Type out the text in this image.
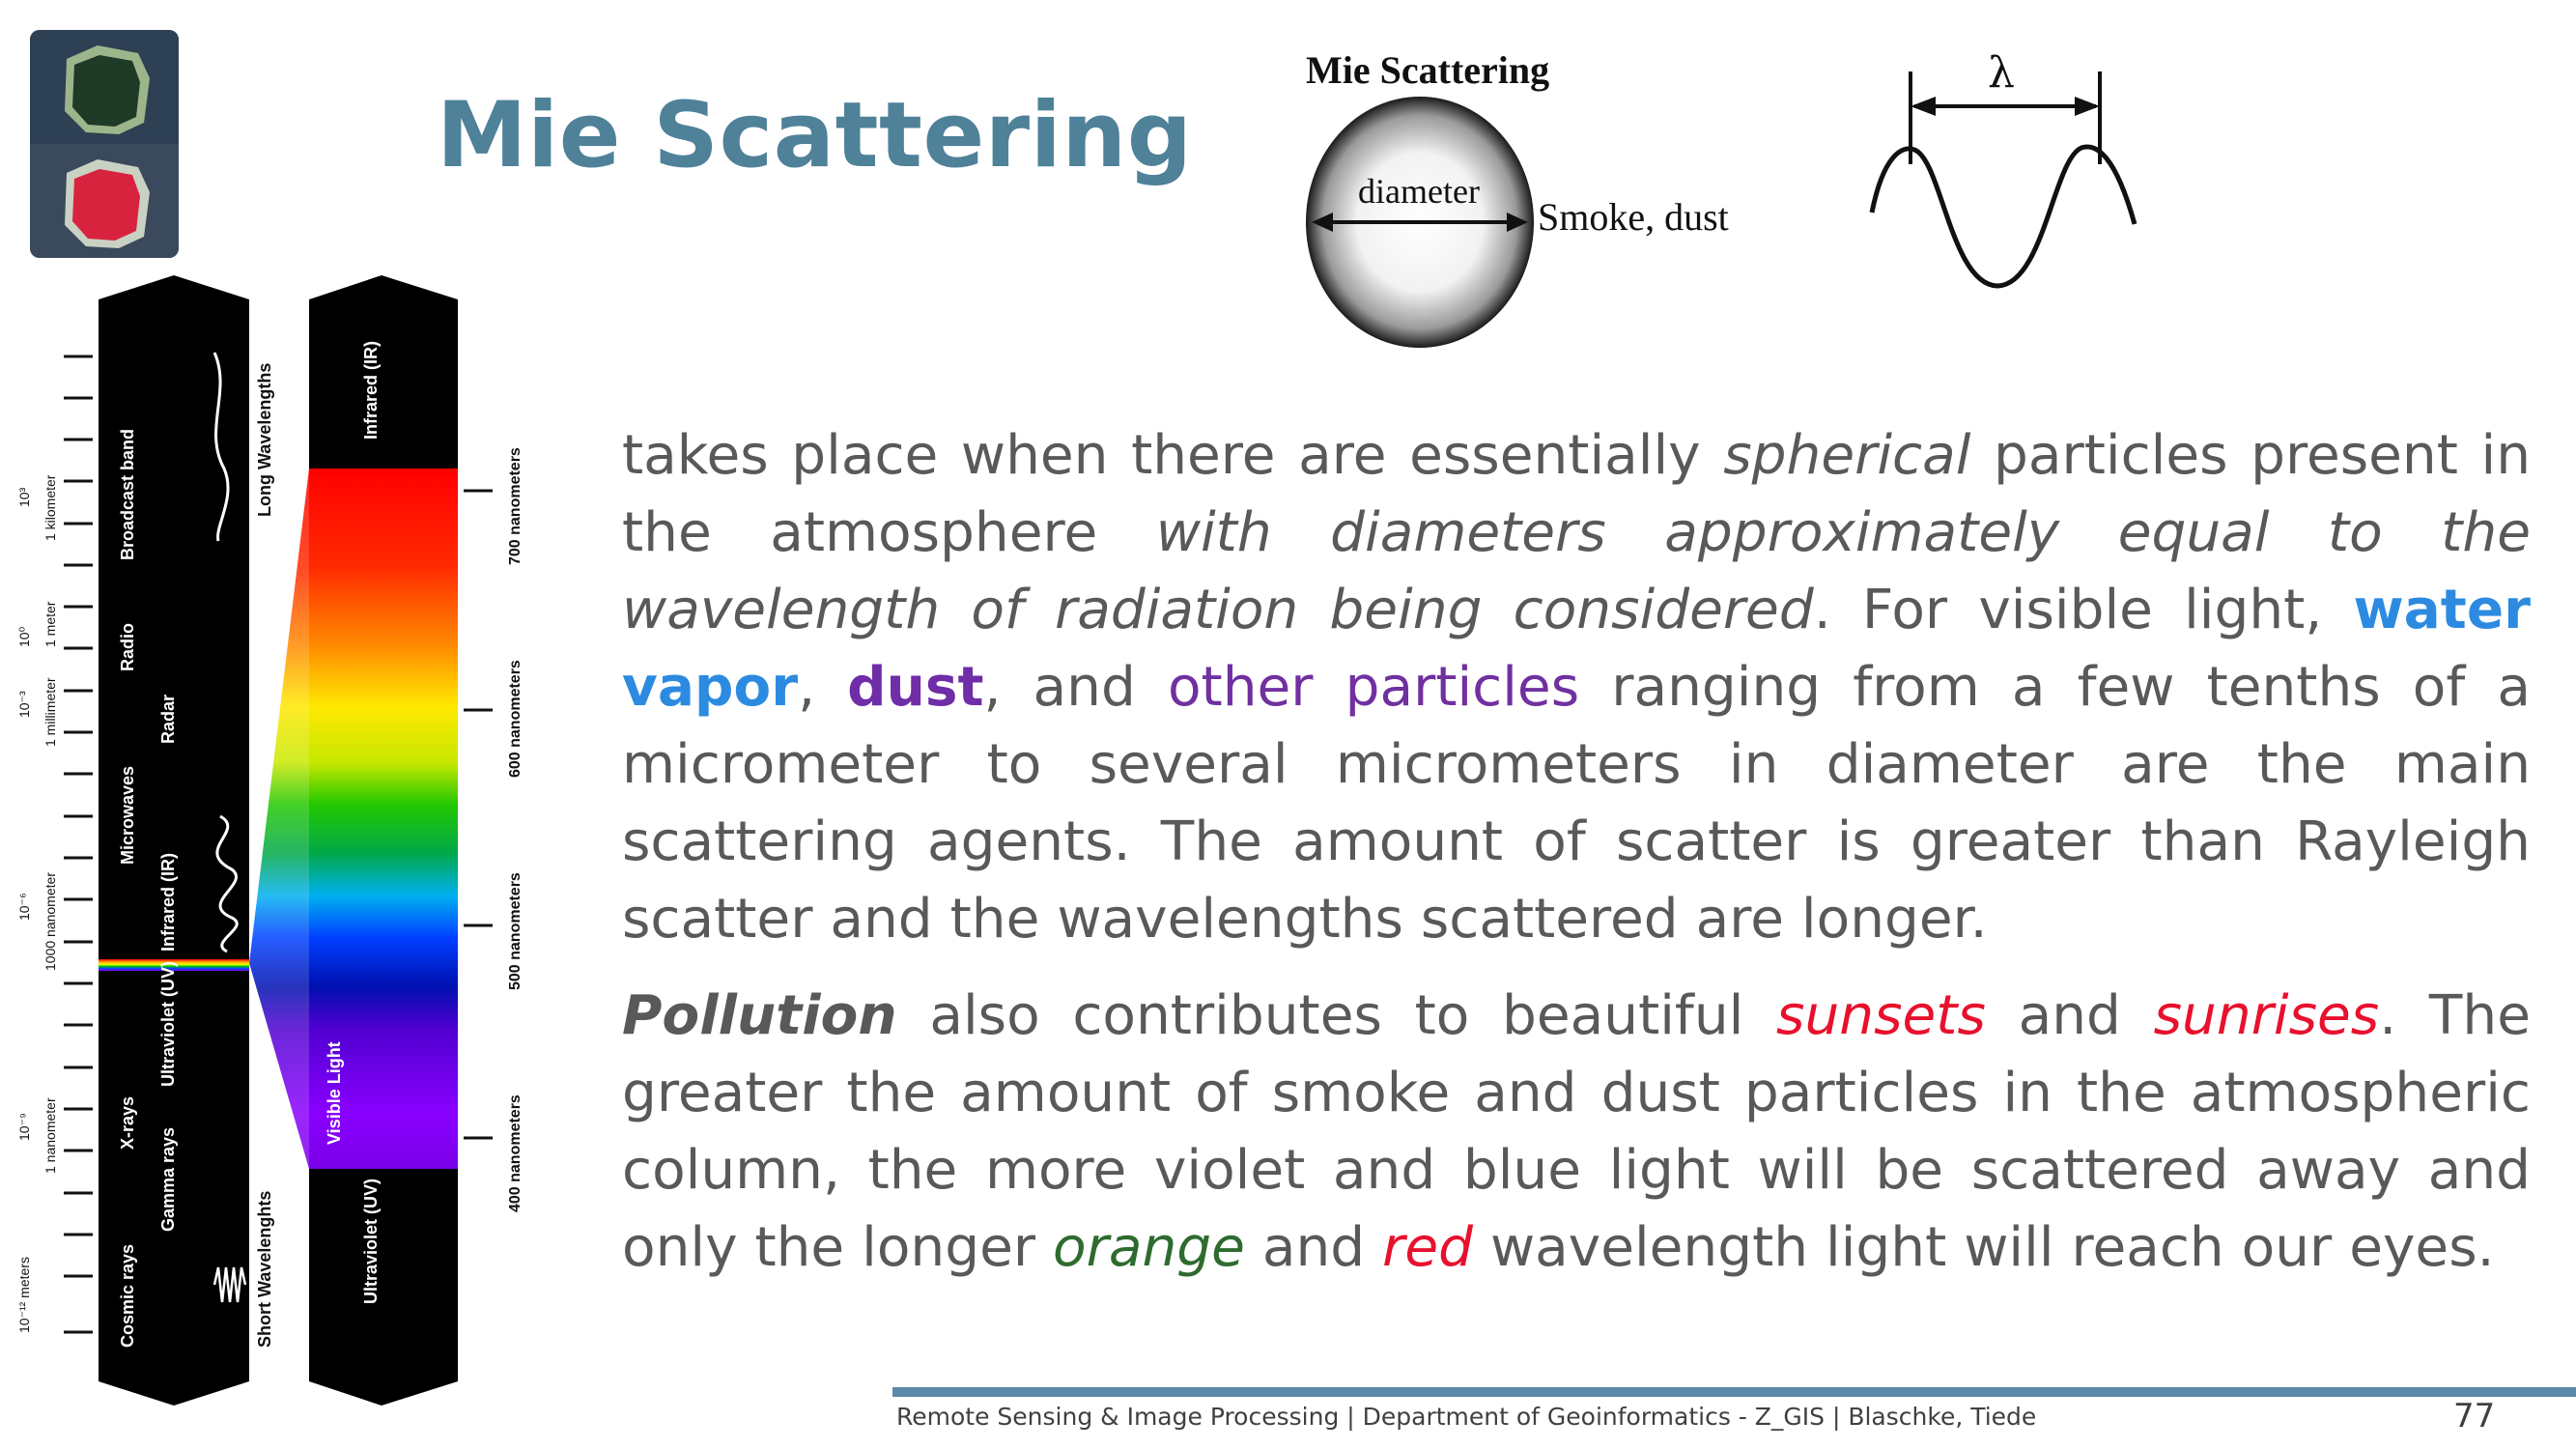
Mie Scattering
Mie Scattering
diameter
Smoke, dust
λ
10³ 1 kilometer
10⁰ 1 meter
10⁻³ 1 millimeter
10⁻⁶ 1000 nanometer
10⁻⁹ 1 nanometer
10⁻¹² meters
Broadcast band
Radio
Radar
Microwaves
Infrared (IR)
Ultraviolet (UV)
X-rays
Gamma rays
Cosmic rays
Long Wavelengths
Short Wavelenghts
Infrared (IR)
Visible Light
Ultraviolet (UV)
700 nanometers
600 nanometers
500 nanometers
400 nanometers

takes place when there are essentially spherical particles present in the atmosphere with diameters approximately equal to the wavelength of radiation being considered. For visible light, water vapor, dust, and other particles ranging from a few tenths of a micrometer to several micrometers in diameter are the main scattering agents. The amount of scatter is greater than Rayleigh scatter and the wavelengths scattered are longer.

Pollution also contributes to beautiful sunsets and sunrises. The greater the amount of smoke and dust particles in the atmospheric column, the more violet and blue light will be scattered away and only the longer orange and red wavelength light will reach our eyes.

Remote Sensing & Image Processing | Department of Geoinformatics - Z_GIS | Blaschke, Tiede	77
